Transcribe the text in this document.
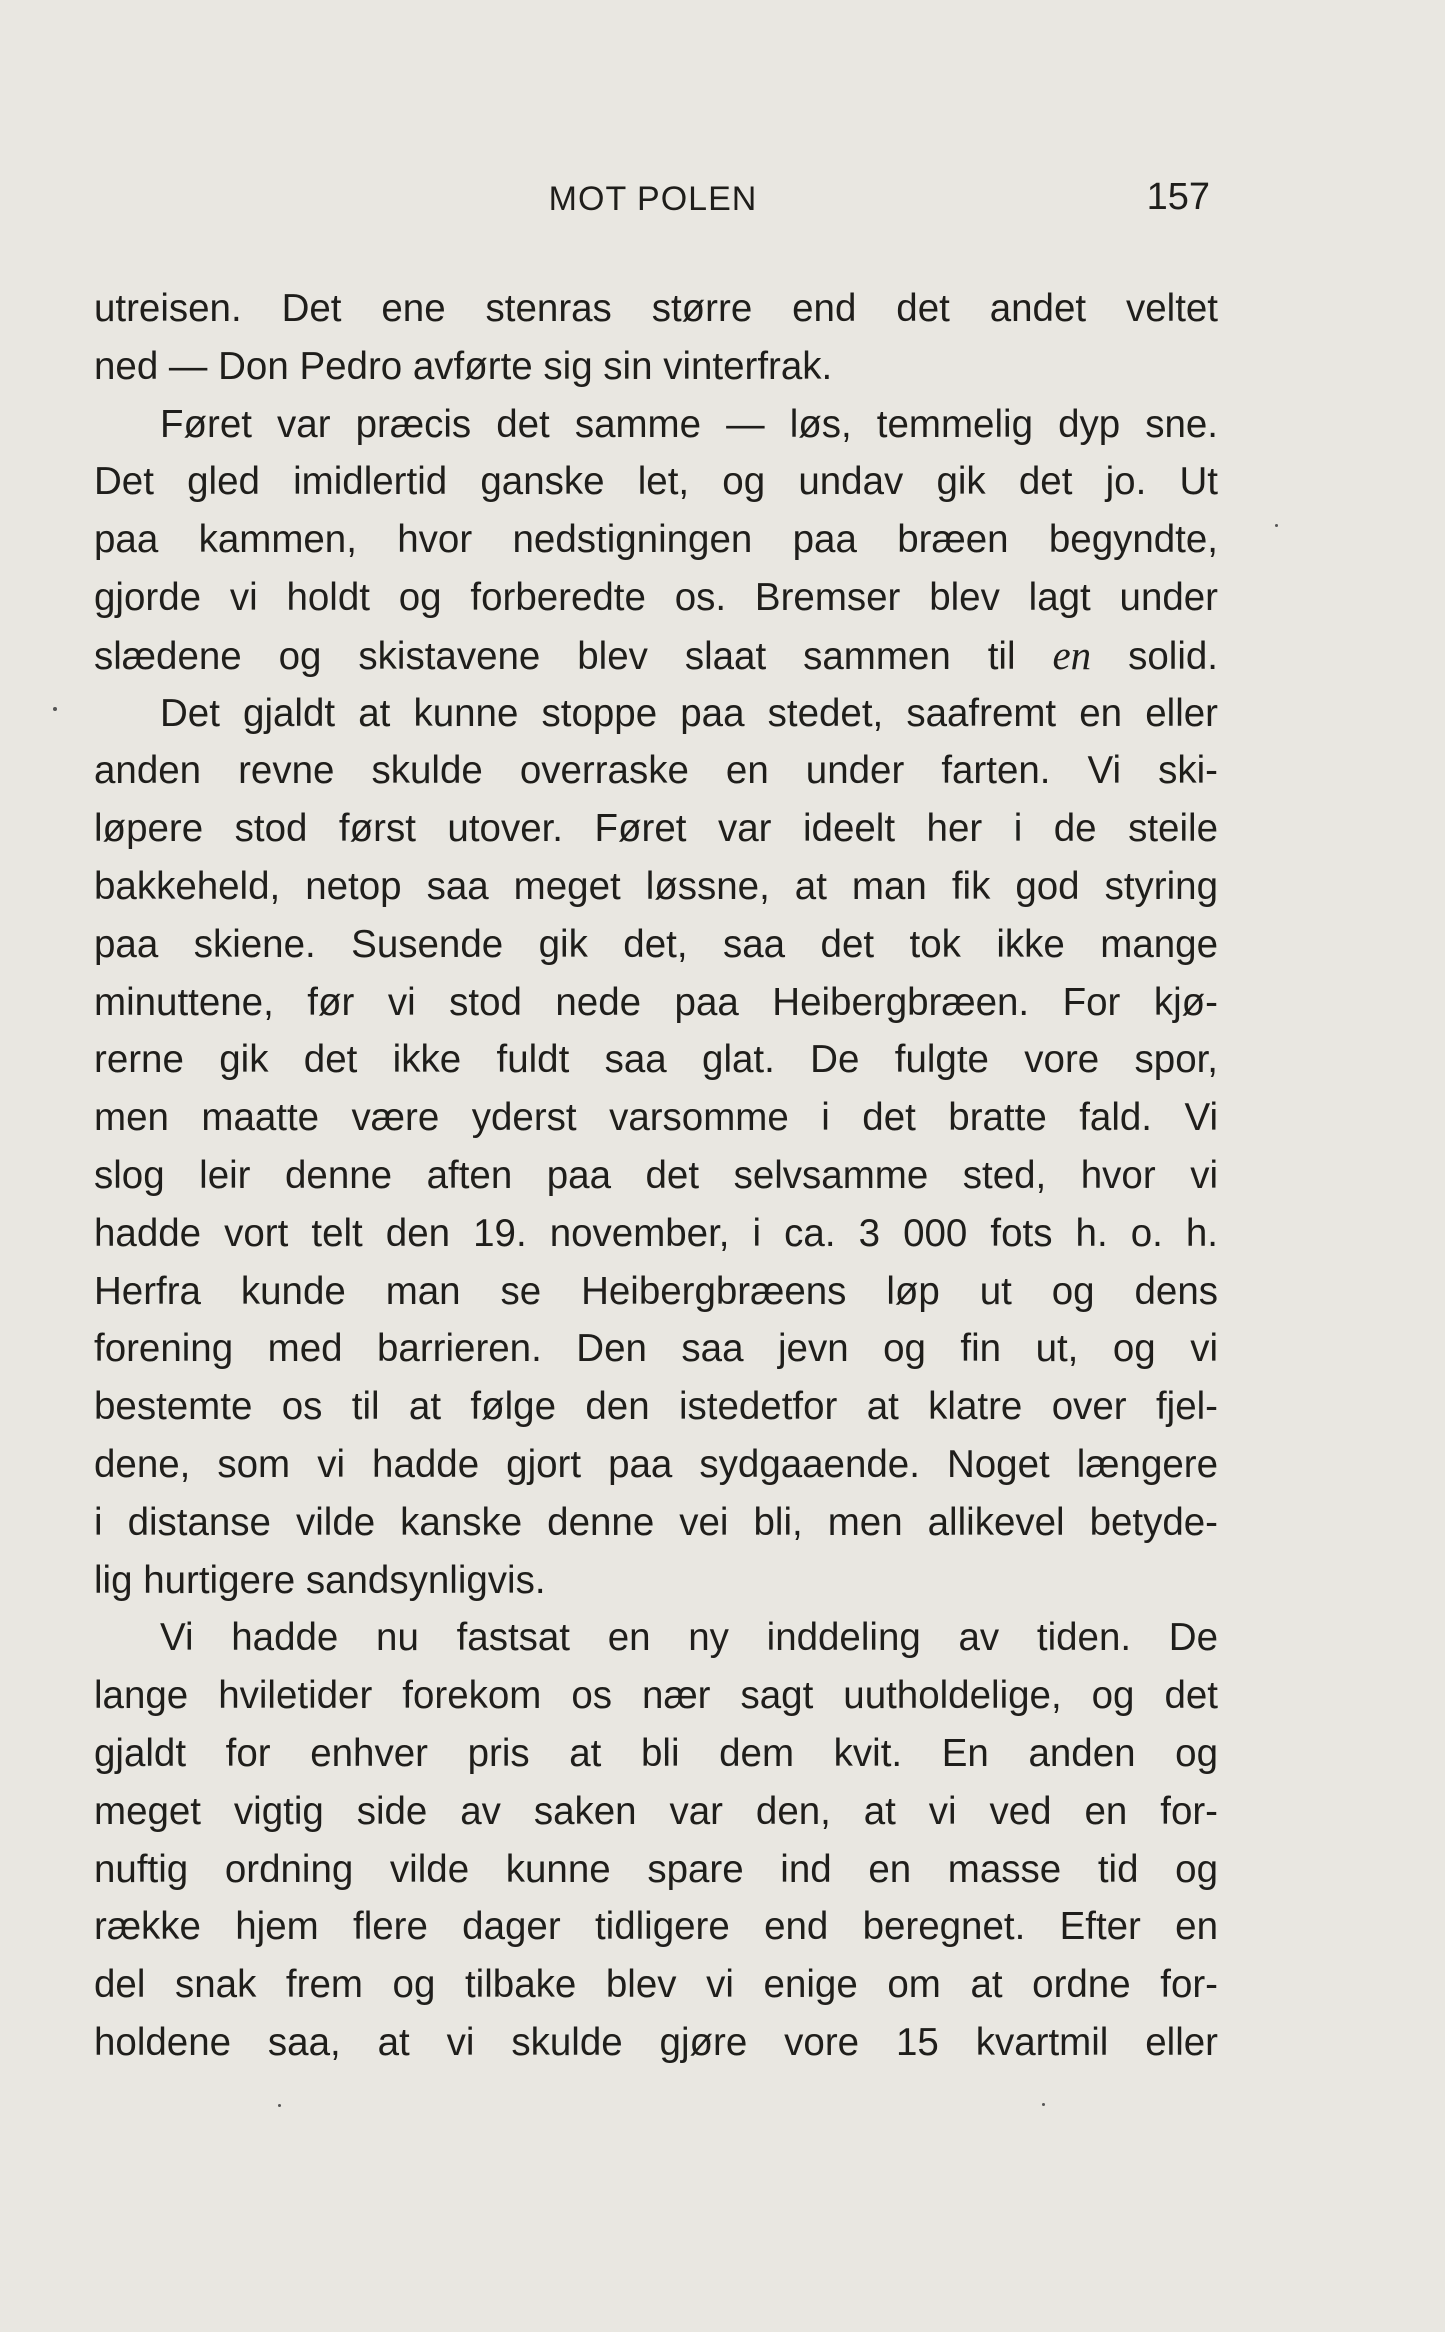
MOT POLEN	157
utreisen. Det ene stenras større end det andet veltet
ned — Don Pedro avførte sig sin vinterfrak.
Føret var præcis det samme — løs, temmelig dyp sne.
Det gled imidlertid ganske let, og undav gik det jo. Ut
paa kammen, hvor nedstigningen paa bræen begyndte,
gjorde vi holdt og forberedte os. Bremser blev lagt under
slædene og skistavene blev slaat sammen til en solid.
Det gjaldt at kunne stoppe paa stedet, saafremt en eller
anden revne skulde overraske en under farten. Vi ski-
løpere stod først utover. Føret var ideelt her i de steile
bakkeheld, netop saa meget løssne, at man fik god styring
paa skiene. Susende gik det, saa det tok ikke mange
minuttene, før vi stod nede paa Heibergbræen. For kjø-
rerne gik det ikke fuldt saa glat. De fulgte vore spor,
men maatte være yderst varsomme i det bratte fald. Vi
slog leir denne aften paa det selvsamme sted, hvor vi
hadde vort telt den 19. november, i ca. 3 000 fots h. o. h.
Herfra kunde man se Heibergbræens løp ut og dens
forening med barrieren. Den saa jevn og fin ut, og vi
bestemte os til at følge den istedetfor at klatre over fjel-
dene, som vi hadde gjort paa sydgaaende. Noget længere
i distanse vilde kanske denne vei bli, men allikevel betyde-
lig hurtigere sandsynligvis.
Vi hadde nu fastsat en ny inddeling av tiden. De
lange hviletider forekom os nær sagt uutholdelige, og det
gjaldt for enhver pris at bli dem kvit. En anden og
meget vigtig side av saken var den, at vi ved en for-
nuftig ordning vilde kunne spare ind en masse tid og
række hjem flere dager tidligere end beregnet. Efter en
del snak frem og tilbake blev vi enige om at ordne for-
holdene saa, at vi skulde gjøre vore 15 kvartmil eller
